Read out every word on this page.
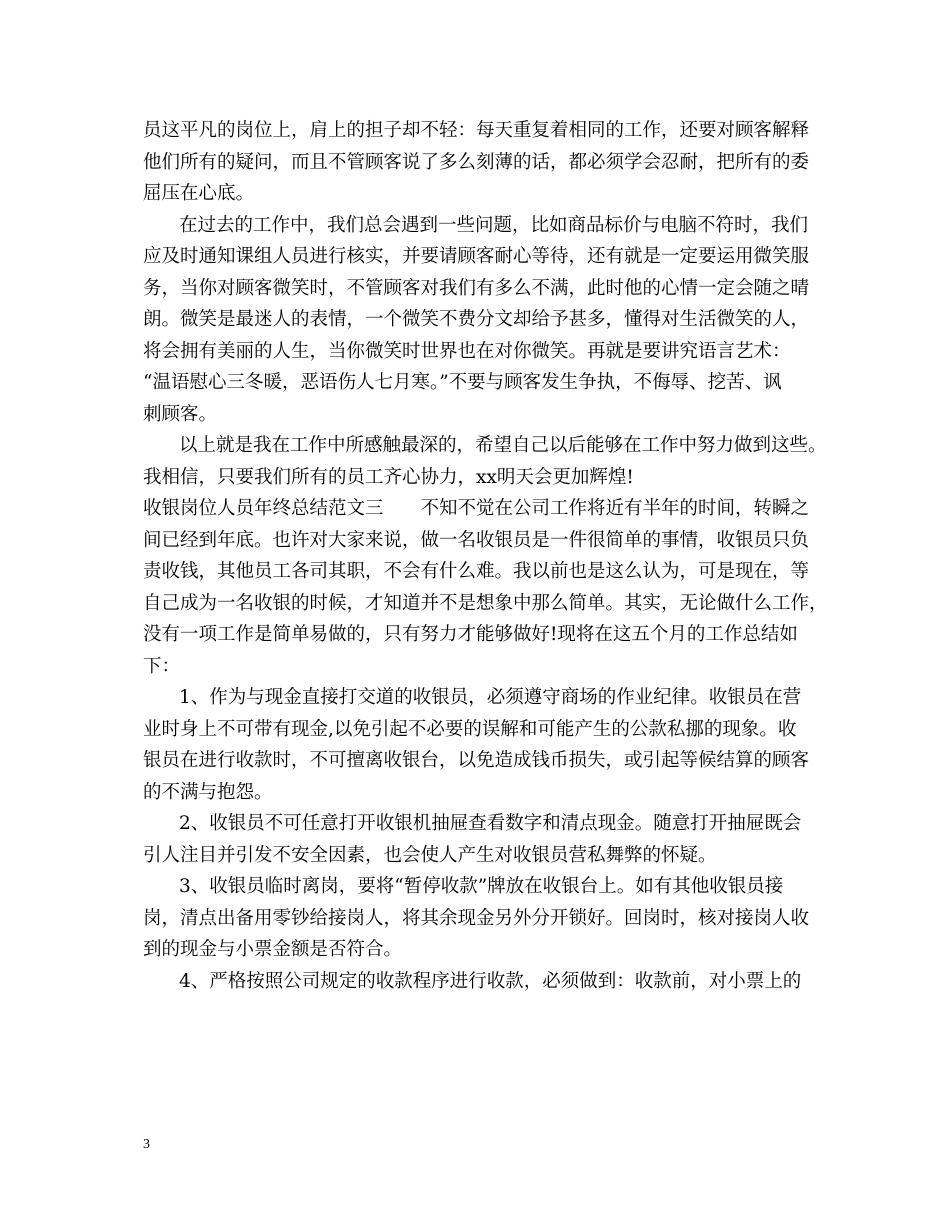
员这平凡的岗位上，肩上的担子却不轻：每天重复着相同的工作，还要对顾客解释
他们所有的疑问，而且不管顾客说了多么刻薄的话，都必须学会忍耐，把所有的委
屈压在心底。
在过去的工作中，我们总会遇到一些问题，比如商品标价与电脑不符时，我们
应及时通知课组人员进行核实，并要请顾客耐心等待，还有就是一定要运用微笑服
务，当你对顾客微笑时，不管顾客对我们有多么不满，此时他的心情一定会随之晴
朗。微笑是最迷人的表情，一个微笑不费分文却给予甚多，懂得对生活微笑的人，
将会拥有美丽的人生，当你微笑时世界也在对你微笑。再就是要讲究语言艺术：
“温语慰心三冬暖，恶语伤人七月寒。”不要与顾客发生争执，不侮辱、挖苦、讽
刺顾客。
以上就是我在工作中所感触最深的，希望自己以后能够在工作中努力做到这些。
我相信，只要我们所有的员工齐心协力，xx明天会更加辉煌!
收银岗位人员年终总结范文三　　不知不觉在公司工作将近有半年的时间，转瞬之
间已经到年底。也许对大家来说，做一名收银员是一件很简单的事情，收银员只负
责收钱，其他员工各司其职，不会有什么难。我以前也是这么认为，可是现在，等
自己成为一名收银的时候，才知道并不是想象中那么简单。其实，无论做什么工作，
没有一项工作是简单易做的，只有努力才能够做好!现将在这五个月的工作总结如
下：
1、作为与现金直接打交道的收银员，必须遵守商场的作业纪律。收银员在营
业时身上不可带有现金,以免引起不必要的误解和可能产生的公款私挪的现象。收
银员在进行收款时，不可擅离收银台，以免造成钱币损失，或引起等候结算的顾客
的不满与抱怨。
2、收银员不可任意打开收银机抽屉查看数字和清点现金。随意打开抽屉既会
引人注目并引发不安全因素，也会使人产生对收银员营私舞弊的怀疑。
3、收银员临时离岗，要将“暂停收款”牌放在收银台上。如有其他收银员接
岗，清点出备用零钞给接岗人，将其余现金另外分开锁好。回岗时，核对接岗人收
到的现金与小票金额是否符合。
4、严格按照公司规定的收款程序进行收款，必须做到：收款前，对小票上的
3
